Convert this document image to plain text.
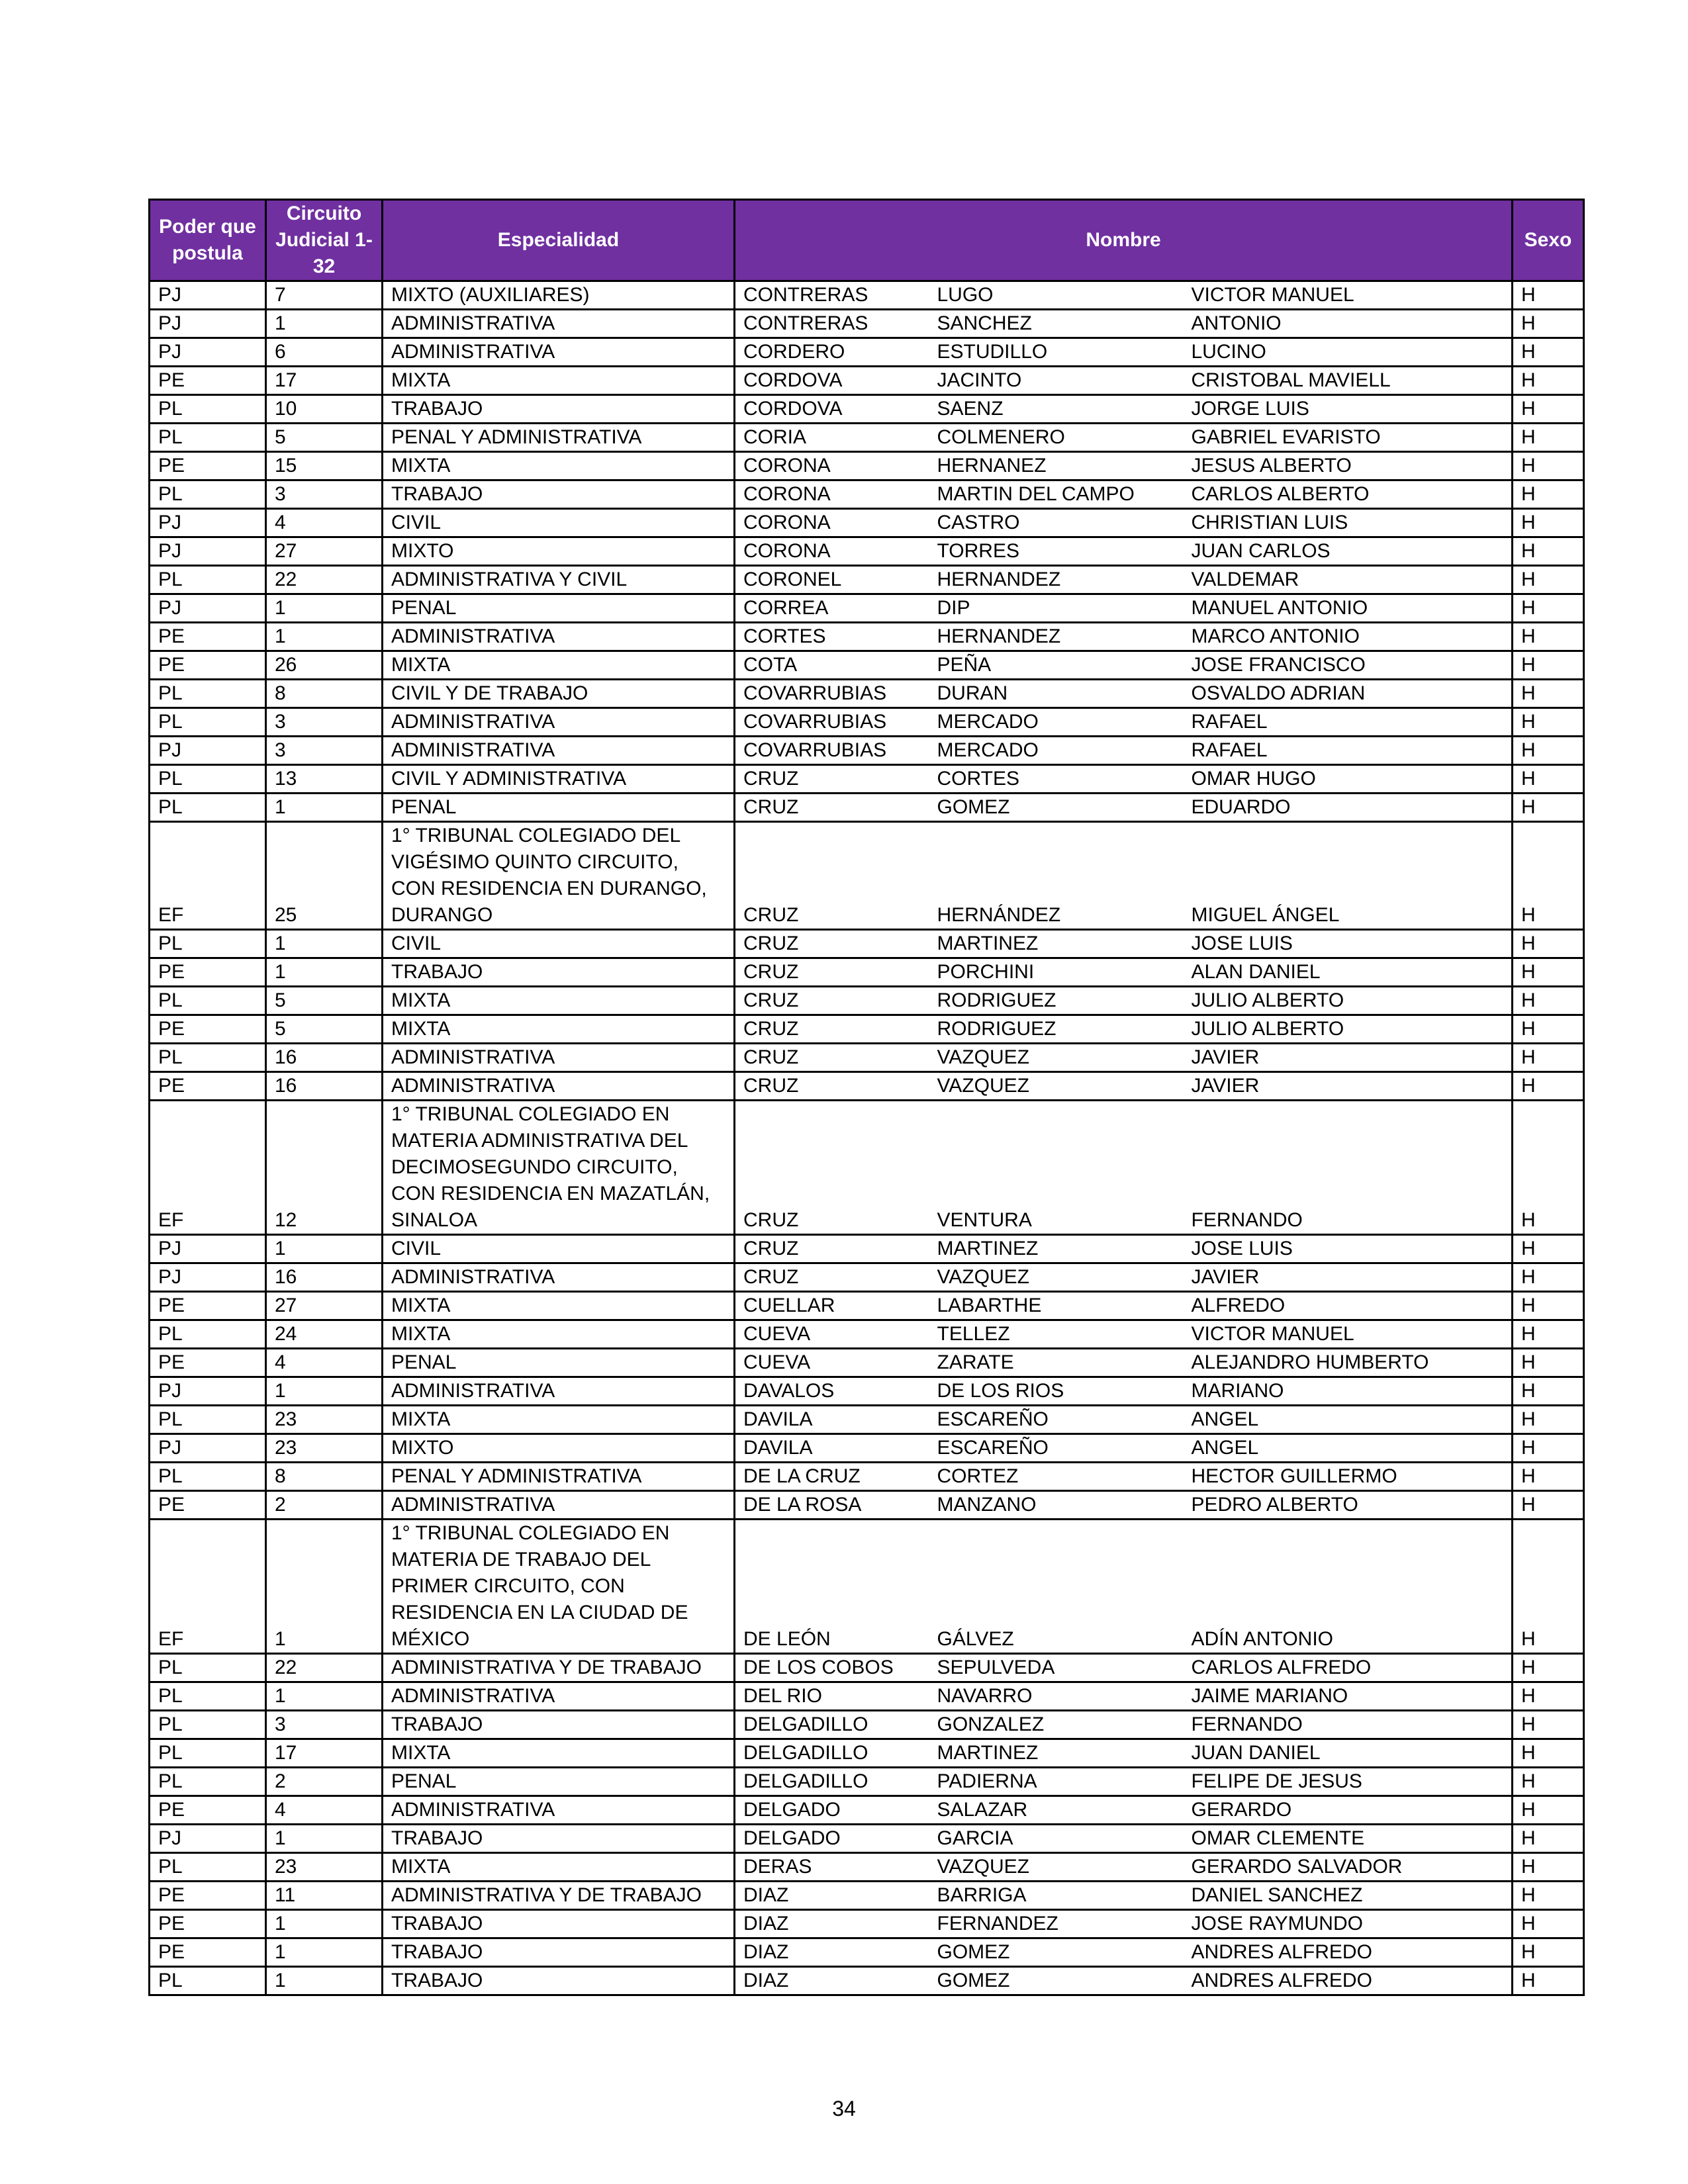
Poder que postula	Circuito Judicial 1-32	Especialidad	Nombre			Sexo
PJ	7	MIXTO (AUXILIARES)	CONTRERAS	LUGO	VICTOR MANUEL	H
PJ	1	ADMINISTRATIVA	CONTRERAS	SANCHEZ	ANTONIO	H
PJ	6	ADMINISTRATIVA	CORDERO	ESTUDILLO	LUCINO	H
PE	17	MIXTA	CORDOVA	JACINTO	CRISTOBAL MAVIELL	H
PL	10	TRABAJO	CORDOVA	SAENZ	JORGE LUIS	H
PL	5	PENAL Y ADMINISTRATIVA	CORIA	COLMENERO	GABRIEL EVARISTO	H
PE	15	MIXTA	CORONA	HERNANEZ	JESUS ALBERTO	H
PL	3	TRABAJO	CORONA	MARTIN DEL CAMPO	CARLOS ALBERTO	H
PJ	4	CIVIL	CORONA	CASTRO	CHRISTIAN LUIS	H
PJ	27	MIXTO	CORONA	TORRES	JUAN CARLOS	H
PL	22	ADMINISTRATIVA Y CIVIL	CORONEL	HERNANDEZ	VALDEMAR	H
PJ	1	PENAL	CORREA	DIP	MANUEL ANTONIO	H
PE	1	ADMINISTRATIVA	CORTES	HERNANDEZ	MARCO ANTONIO	H
PE	26	MIXTA	COTA	PEÑA	JOSE FRANCISCO	H
PL	8	CIVIL Y DE TRABAJO	COVARRUBIAS	DURAN	OSVALDO ADRIAN	H
PL	3	ADMINISTRATIVA	COVARRUBIAS	MERCADO	RAFAEL	H
PJ	3	ADMINISTRATIVA	COVARRUBIAS	MERCADO	RAFAEL	H
PL	13	CIVIL Y ADMINISTRATIVA	CRUZ	CORTES	OMAR HUGO	H
PL	1	PENAL	CRUZ	GOMEZ	EDUARDO	H
EF	25	1° TRIBUNAL COLEGIADO DEL VIGÉSIMO QUINTO CIRCUITO, CON RESIDENCIA EN DURANGO, DURANGO	CRUZ	HERNÁNDEZ	MIGUEL ÁNGEL	H
PL	1	CIVIL	CRUZ	MARTINEZ	JOSE LUIS	H
PE	1	TRABAJO	CRUZ	PORCHINI	ALAN DANIEL	H
PL	5	MIXTA	CRUZ	RODRIGUEZ	JULIO ALBERTO	H
PE	5	MIXTA	CRUZ	RODRIGUEZ	JULIO ALBERTO	H
PL	16	ADMINISTRATIVA	CRUZ	VAZQUEZ	JAVIER	H
PE	16	ADMINISTRATIVA	CRUZ	VAZQUEZ	JAVIER	H
EF	12	1° TRIBUNAL COLEGIADO EN MATERIA ADMINISTRATIVA DEL DECIMOSEGUNDO CIRCUITO, CON RESIDENCIA EN MAZATLÁN, SINALOA	CRUZ	VENTURA	FERNANDO	H
PJ	1	CIVIL	CRUZ	MARTINEZ	JOSE LUIS	H
PJ	16	ADMINISTRATIVA	CRUZ	VAZQUEZ	JAVIER	H
PE	27	MIXTA	CUELLAR	LABARTHE	ALFREDO	H
PL	24	MIXTA	CUEVA	TELLEZ	VICTOR MANUEL	H
PE	4	PENAL	CUEVA	ZARATE	ALEJANDRO HUMBERTO	H
PJ	1	ADMINISTRATIVA	DAVALOS	DE LOS RIOS	MARIANO	H
PL	23	MIXTA	DAVILA	ESCAREÑO	ANGEL	H
PJ	23	MIXTO	DAVILA	ESCAREÑO	ANGEL	H
PL	8	PENAL Y ADMINISTRATIVA	DE LA CRUZ	CORTEZ	HECTOR GUILLERMO	H
PE	2	ADMINISTRATIVA	DE LA ROSA	MANZANO	PEDRO ALBERTO	H
EF	1	1° TRIBUNAL COLEGIADO EN MATERIA DE TRABAJO DEL PRIMER CIRCUITO, CON RESIDENCIA EN LA CIUDAD DE MÉXICO	DE LEÓN	GÁLVEZ	ADÍN ANTONIO	H
PL	22	ADMINISTRATIVA Y DE TRABAJO	DE LOS COBOS	SEPULVEDA	CARLOS ALFREDO	H
PL	1	ADMINISTRATIVA	DEL RIO	NAVARRO	JAIME MARIANO	H
PL	3	TRABAJO	DELGADILLO	GONZALEZ	FERNANDO	H
PL	17	MIXTA	DELGADILLO	MARTINEZ	JUAN DANIEL	H
PL	2	PENAL	DELGADILLO	PADIERNA	FELIPE DE JESUS	H
PE	4	ADMINISTRATIVA	DELGADO	SALAZAR	GERARDO	H
PJ	1	TRABAJO	DELGADO	GARCIA	OMAR CLEMENTE	H
PL	23	MIXTA	DERAS	VAZQUEZ	GERARDO SALVADOR	H
PE	11	ADMINISTRATIVA Y DE TRABAJO	DIAZ	BARRIGA	DANIEL SANCHEZ	H
PE	1	TRABAJO	DIAZ	FERNANDEZ	JOSE RAYMUNDO	H
PE	1	TRABAJO	DIAZ	GOMEZ	ANDRES ALFREDO	H
PL	1	TRABAJO	DIAZ	GOMEZ	ANDRES ALFREDO	H
34
